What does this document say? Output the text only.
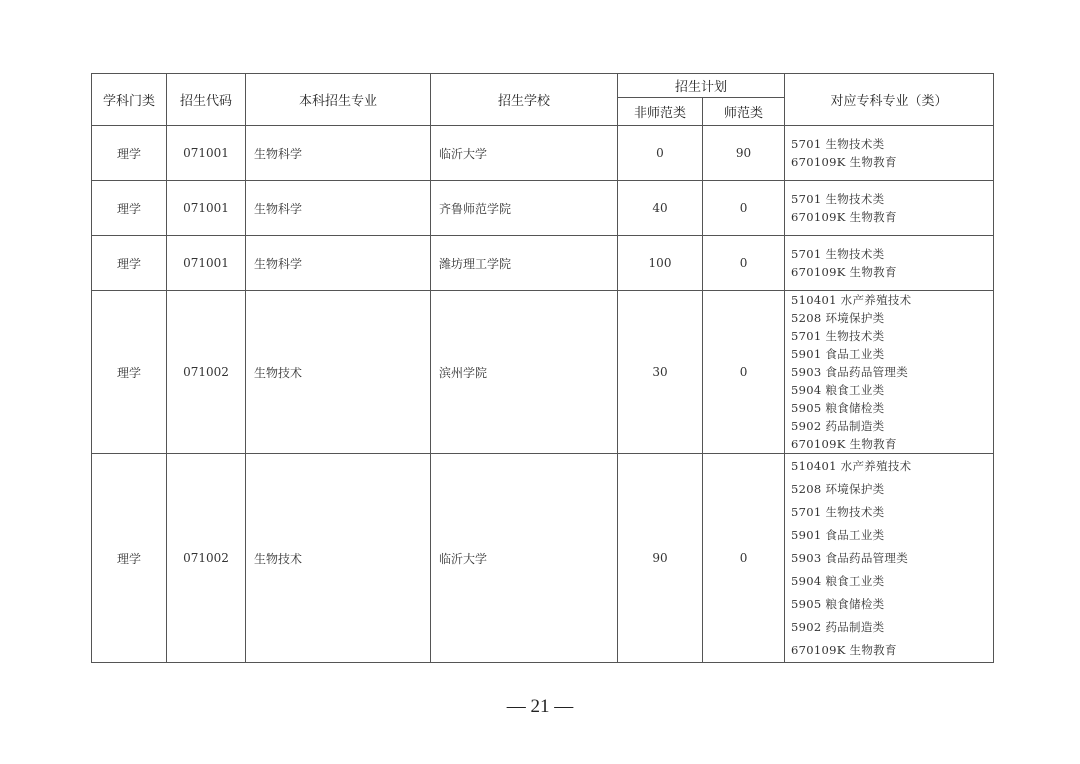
学科门类	招生代码	本科招生专业	招生学校	招生计划		对应专科专业（类）
				非师范类	师范类	
理学	071001	生物科学	临沂大学	0	90	5701 生物技术类
670109K 生物教育

理学	071001	生物科学	齐鲁师范学院	40	0	5701 生物技术类
670109K 生物教育

理学	071001	生物科学	潍坊理工学院	100	0	5701 生物技术类
670109K 生物教育

理学	071002	生物技术	滨州学院	30	0	
510401 水产养殖技术
5208 环境保护类
5701 生物技术类
5901 食品工业类
5903 食品药品管理类
5904 粮食工业类
5905 粮食储检类
5902 药品制造类
670109K 生物教育

理学	071002	生物技术	临沂大学	90	0	
510401 水产养殖技术
5208 环境保护类
5701 生物技术类
5901 食品工业类
5903 食品药品管理类
5904 粮食工业类
5905 粮食储检类
5902 药品制造类
670109K 生物教育
— 21 —
